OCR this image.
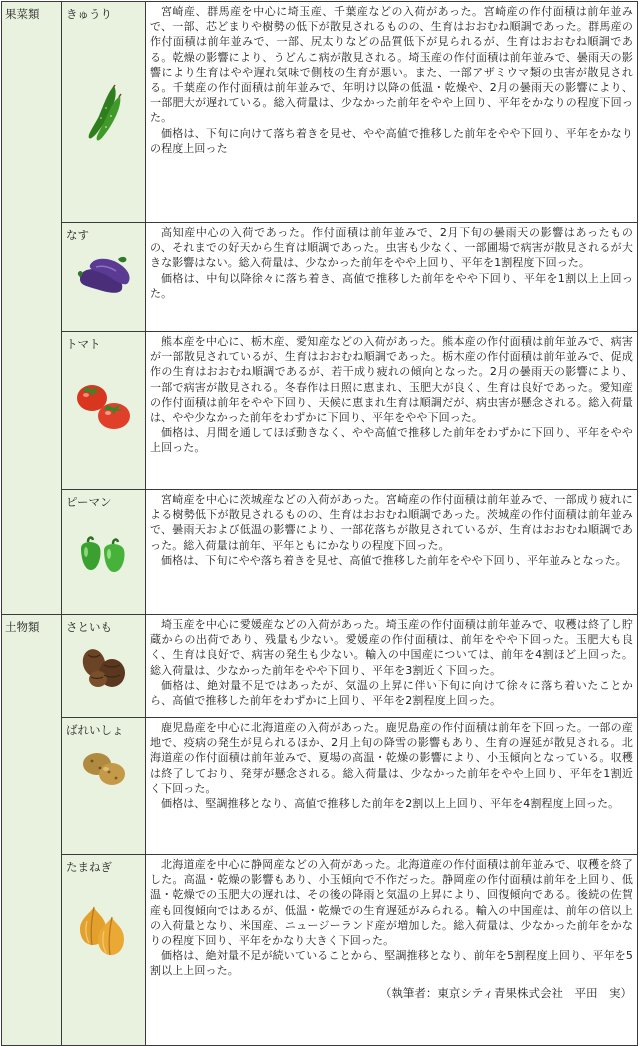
果菜類	きゅうり	宮崎産、群馬産を中心に埼玉産、千葉産などの入荷があった。宮崎産の作付面積は前年並みで、一部、芯どまりや樹勢の低下が散見されるものの、生育はおおむね順調であった。群馬産の作付面積は前年並みで、一部、尻太りなどの品質低下が見られるが、生育はおおむね順調である。乾燥の影響により、うどんこ病が散見される。埼玉産の作付面積は前年並みで、曇雨天の影響により生育はやや遅れ気味で側枝の生育が悪い。また、一部アザミウマ類の虫害が散見される。千葉産の作付面積は前年並みで、年明け以降の低温・乾燥や、2月の曇雨天の影響により、一部肥大が遅れている。総入荷量は、少なかった前年をやや上回り、平年をかなりの程度下回った。

価格は、下旬に向けて落ち着きを見せ、やや高値で推移した前年をやや下回り、平年をかなりの程度上回った

	なす	高知産中心の入荷であった。作付面積は前年並みで、2月下旬の曇雨天の影響はあったものの、それまでの好天から生育は順調であった。虫害も少なく、一部圃場で病害が散見されるが大きな影響はない。総入荷量は、少なかった前年をやや上回り、平年を1割程度下回った。

価格は、中旬以降徐々に落ち着き、高値で推移した前年をやや下回り、平年を1割以上上回った。

	トマト	熊本産を中心に、栃木産、愛知産などの入荷があった。熊本産の作付面積は前年並みで、病害が一部散見されているが、生育はおおむね順調であった。栃木産の作付面積は前年並みで、促成作の生育はおおむね順調であるが、若干成り疲れの傾向となった。2月の曇雨天の影響により、一部で病害が散見される。冬春作は日照に恵まれ、玉肥大が良く、生育は良好であった。愛知産の作付面積は前年をやや下回り、天候に恵まれ生育は順調だが、病虫害が懸念される。総入荷量は、やや少なかった前年をわずかに下回り、平年をやや下回った。

価格は、月間を通してほぼ動きなく、やや高値で推移した前年をわずかに下回り、平年をやや上回った。

	ピーマン	宮崎産を中心に茨城産などの入荷があった。宮崎産の作付面積は前年並みで、一部成り疲れによる樹勢低下が散見されるものの、生育はおおむね順調であった。茨城産の作付面積は前年並みで、曇雨天および低温の影響により、一部花落ちが散見されているが、生育はおおむね順調であった。総入荷量は前年、平年ともにかなりの程度下回った。

価格は、下旬にやや落ち着きを見せ、高値で推移した前年をやや下回り、平年並みとなった。

土物類	さといも	埼玉産を中心に愛媛産などの入荷があった。埼玉産の作付面積は前年並みで、収穫は終了し貯蔵からの出荷であり、残量も少ない。愛媛産の作付面積は、前年をやや下回った。玉肥大も良く、生育は良好で、病害の発生も少ない。輸入の中国産については、前年を4割ほど上回った。総入荷量は、少なかった前年をやや下回り、平年を3割近く下回った。

価格は、絶対量不足ではあったが、気温の上昇に伴い下旬に向けて徐々に落ち着いたことから、高値で推移した前年をわずかに上回り、平年を2割程度上回った。

	ばれいしょ	鹿児島産を中心に北海道産の入荷があった。鹿児島産の作付面積は前年を下回った。一部の産地で、疫病の発生が見られるほか、2月上旬の降雪の影響もあり、生育の遅延が散見される。北海道産の作付面積は前年並みで、夏場の高温・乾燥の影響により、小玉傾向となっている。収穫は終了しており、発芽が懸念される。総入荷量は、少なかった前年をやや上回り、平年を1割近く下回った。

価格は、堅調推移となり、高値で推移した前年を2割以上上回り、平年を4割程度上回った。

	たまねぎ	北海道産を中心に静岡産などの入荷があった。北海道産の作付面積は前年並みで、収穫を終了した。高温・乾燥の影響もあり、小玉傾向で不作だった。静岡産の作付面積は前年を上回り、低温・乾燥での玉肥大の遅れは、その後の降雨と気温の上昇により、回復傾向である。後続の佐賀産も回復傾向ではあるが、低温・乾燥での生育遅延がみられる。輸入の中国産は、前年の倍以上の入荷量となり、米国産、ニュージーランド産が増加した。総入荷量は、少なかった前年をかなりの程度下回り、平年をかなり大きく下回った。

価格は、絶対量不足が続いていることから、堅調推移となり、前年を5割程度上回り、平年を5割以上上回った。

（執筆者：東京シティ青果株式会社　平田　実）
